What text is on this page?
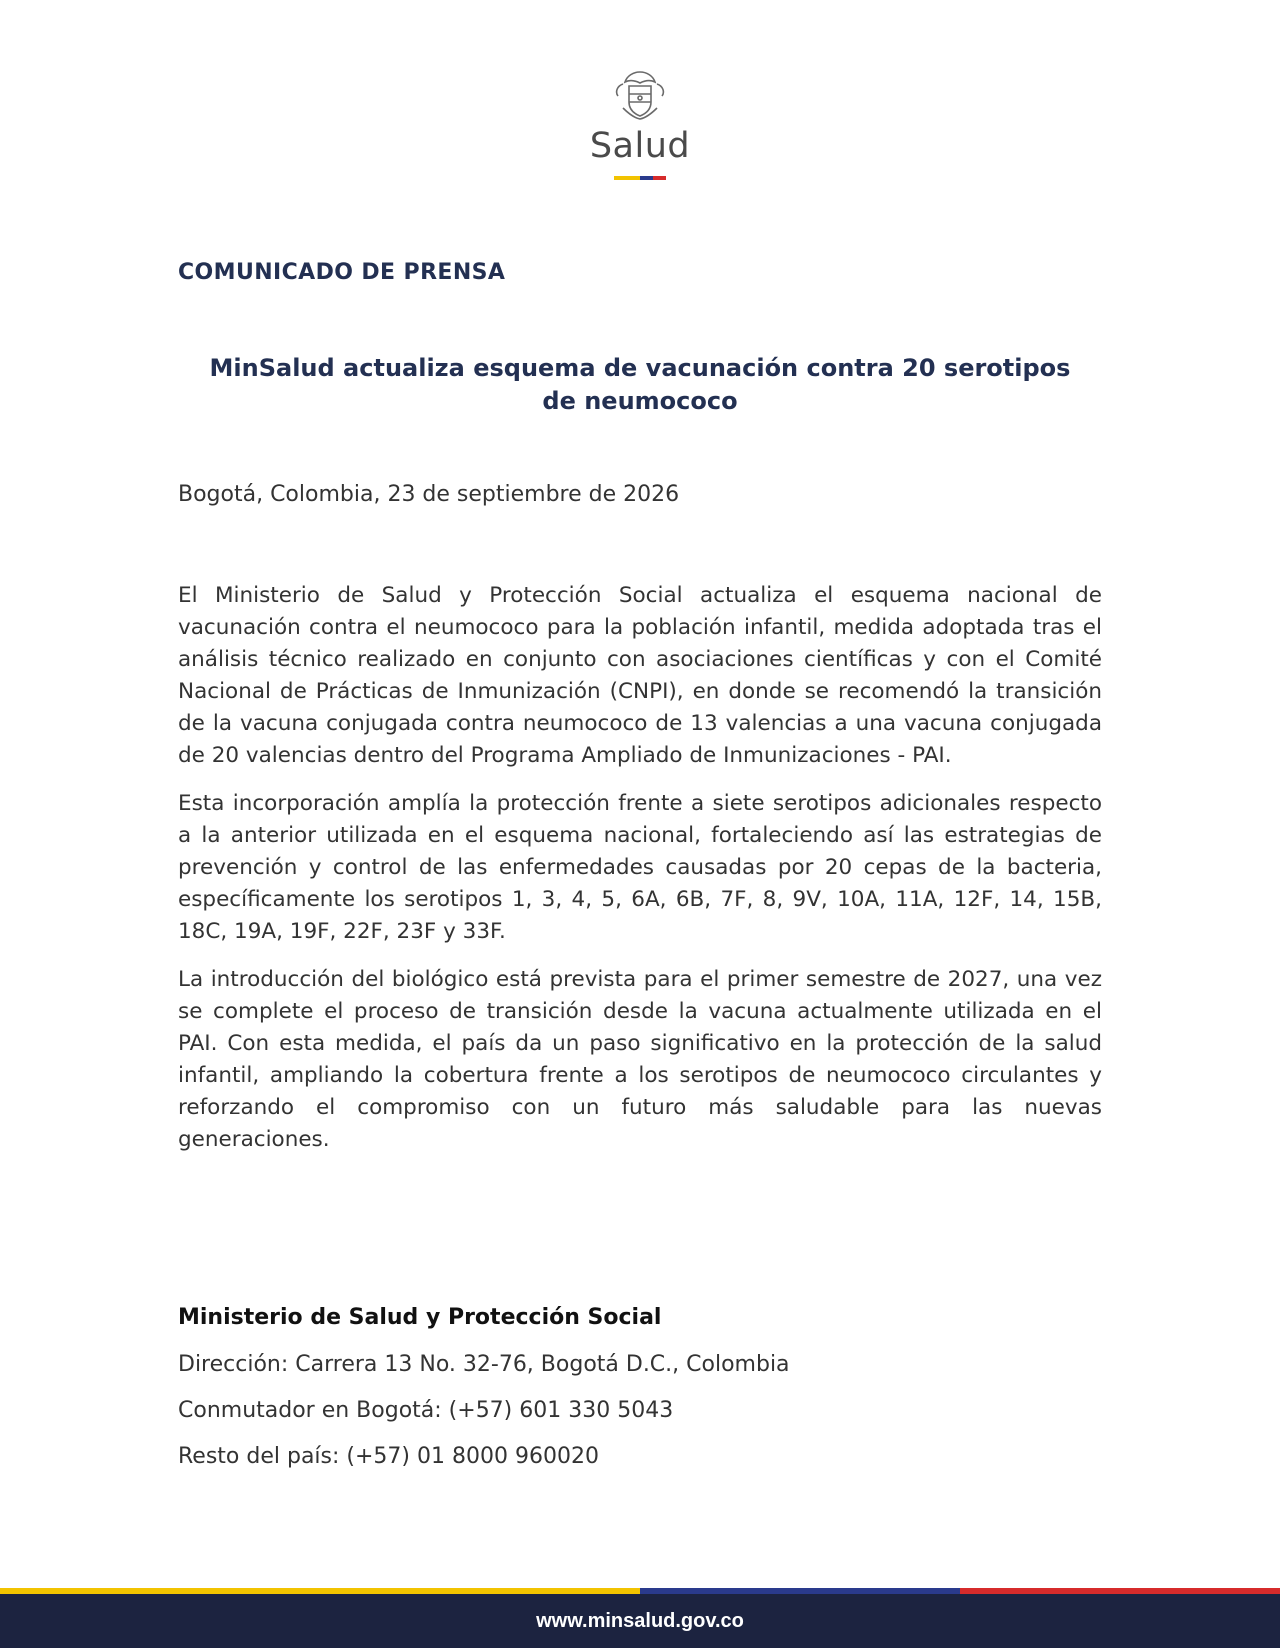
Salud
COMUNICADO DE PRENSA
MinSalud actualiza esquema de vacunación contra 20 serotipos
de neumococo
Bogotá, Colombia, 23 de septiembre de 2026

El Ministerio de Salud y Protección Social actualiza el esquema nacional de vacunación contra el neumococo para la población infantil, medida adoptada tras el análisis técnico realizado en conjunto con asociaciones científicas y con el Comité Nacional de Prácticas de Inmunización (CNPI), en donde se recomendó la transición de la vacuna conjugada contra neumococo de 13 valencias a una vacuna conjugada de 20 valencias dentro del Programa Ampliado de Inmunizaciones - PAI.

Esta incorporación amplía la protección frente a siete serotipos adicionales respecto a la anterior utilizada en el esquema nacional, fortaleciendo así las estrategias de prevención y control de las enfermedades causadas por 20 cepas de la bacteria, específicamente los serotipos 1, 3, 4, 5, 6A, 6B, 7F, 8, 9V, 10A, 11A, 12F, 14, 15B, 18C, 19A, 19F, 22F, 23F y 33F.

La introducción del biológico está prevista para el primer semestre de 2027, una vez se complete el proceso de transición desde la vacuna actualmente utilizada en el PAI. Con esta medida, el país da un paso significativo en la protección de la salud infantil, ampliando la cobertura frente a los serotipos de neumococo circulantes y reforzando el compromiso con un futuro más saludable para las nuevas generaciones.

Ministerio de Salud y Protección Social
Dirección: Carrera 13 No. 32-76, Bogotá D.C., Colombia
Conmutador en Bogotá: (+57) 601 330 5043
Resto del país: (+57) 01 8000 960020
www.minsalud.gov.co
